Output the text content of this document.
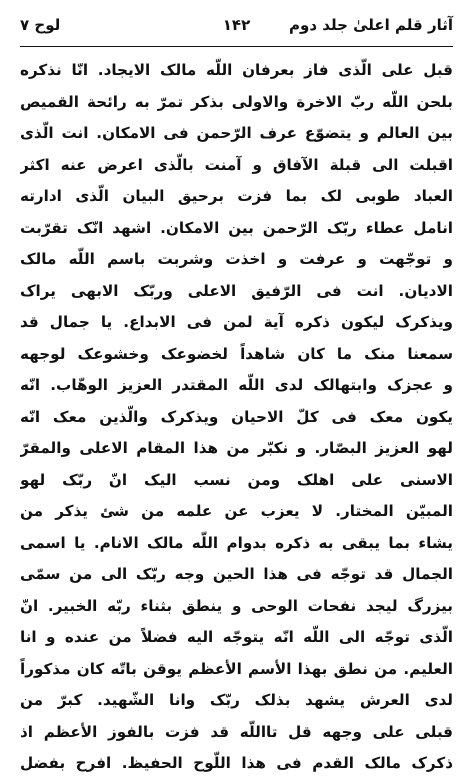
آثار قلم اعلیٰ جلد دوم
۱۴۲
لوح ۷
قبل علی الّذی فاز بعرفان اللّه مالک الایجاد. انّا نذکره
بلحن اللّه ربّ الاخرة والاولی بذکر تمرّ به رائحة القمیص
بین العالم و یتضوّع عرف الرّحمن فی الامکان. انت الّذی
اقبلت الی قبلة الآفاق و آمنت بالّذی اعرض عنه اکثر
العباد طوبی لک بما فزت برحیق البیان الّذی ادارته
انامل عطاء ربّک الرّحمن بین الامکان. اشهد انّک تقرّبت
و توجّهت و عرفت و اخذت وشربت باسم اللّه مالک
الادیان. انت فی الرّفیق الاعلی وربّک الابهی یراک
ویذکرک لیکون ذکره آیة لمن فی الابداع. یا جمال قد
سمعنا منک ما کان شاهداً لخضوعک وخشوعک لوجهه
و عجزک وابتهالک لدی اللّه المقتدر العزیز الوهّاب. انّه
یکون معک فی کلّ الاحیان ویذکرک والّذین معک انّه
لهو العزیز البصّار. و نکبّر من هذا المقام الاعلی والمقرّ
الاسنی علی اهلک ومن نسب الیک انّ ربّک لهو
المبیّن المختار. لا یعزب عن علمه من شئ یذکر من
یشاء بما یبقی به ذکره بدوام اللّه مالک الانام. یا اسمی
الجمال قد توجّه فی هذا الحین وجه ربّک الی من سمّی
بیزرگ لیجد نفحات الوحی و ینطق بثناء ربّه الخبیر. انّ
الّذی توجّه الی اللّه انّه یتوجّه الیه فضلاً من عنده و انا
العلیم. من نطق بهذا الأسم الأعظم یوقن باتّه کان مذکوراً
لدی العرش یشهد بذلک ربّک وانا الشّهید. کبرّ من
قبلی علی وجهه قل تااللّه قد فزت بالفوز الأعظم اذ
ذکرک مالک القدم فی هذا اللّوح الحفیظ. افرح بفضل
